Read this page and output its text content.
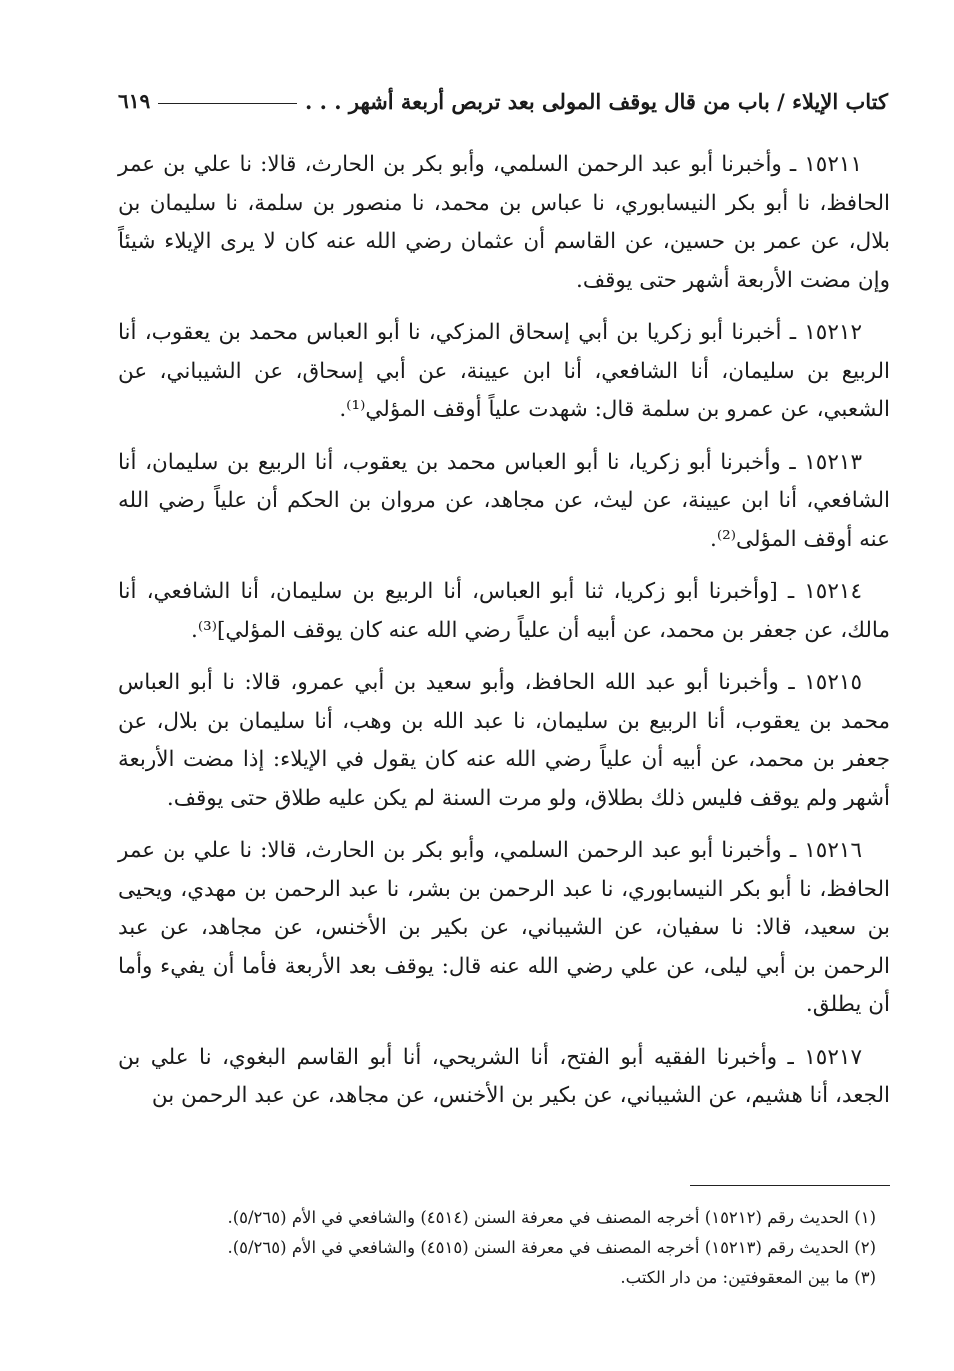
كتاب الإيلاء / باب من قال يوقف المولى بعد تربص أربعة أشهر . . .
٦١٩

١٥٢١١ ـ وأخبرنا أبو عبد الرحمن السلمي، وأبو بكر بن الحارث، قالا: نا علي بن عمر الحافظ، نا أبو بكر النيسابوري، نا عباس بن محمد، نا منصور بن سلمة، نا سليمان بن بلال، عن عمر بن حسين، عن القاسم أن عثمان رضي الله عنه كان لا يرى الإيلاء شيئاً وإن مضت الأربعة أشهر حتى يوقف.

١٥٢١٢ ـ أخبرنا أبو زكريا بن أبي إسحاق المزكي، نا أبو العباس محمد بن يعقوب، أنا الربيع بن سليمان، أنا الشافعي، أنا ابن عيينة، عن أبي إسحاق، عن الشيباني، عن الشعبي، عن عمرو بن سلمة قال: شهدت علياً أوقف المؤلي⁽¹⁾.

١٥٢١٣ ـ وأخبرنا أبو زكريا، نا أبو العباس محمد بن يعقوب، أنا الربيع بن سليمان، أنا الشافعي، أنا ابن عيينة، عن ليث، عن مجاهد، عن مروان بن الحكم أن علياً رضي الله عنه أوقف المؤلى⁽²⁾.

١٥٢١٤ ـ [وأخبرنا أبو زكريا، ثنا أبو العباس، أنا الربيع بن سليمان، أنا الشافعي، أنا مالك، عن جعفر بن محمد، عن أبيه أن علياً رضي الله عنه كان يوقف المؤلي]⁽³⁾.

١٥٢١٥ ـ وأخبرنا أبو عبد الله الحافظ، وأبو سعيد بن أبي عمرو، قالا: نا أبو العباس محمد بن يعقوب، أنا الربيع بن سليمان، نا عبد الله بن وهب، أنا سليمان بن بلال، عن جعفر بن محمد، عن أبيه أن علياً رضي الله عنه كان يقول في الإيلاء: إذا مضت الأربعة أشهر ولم يوقف فليس ذلك بطلاق، ولو مرت السنة لم يكن عليه طلاق حتى يوقف.

١٥٢١٦ ـ وأخبرنا أبو عبد الرحمن السلمي، وأبو بكر بن الحارث، قالا: نا علي بن عمر الحافظ، نا أبو بكر النيسابوري، نا عبد الرحمن بن بشر، نا عبد الرحمن بن مهدي، ويحيى بن سعيد، قالا: نا سفيان، عن الشيباني، عن بكير بن الأخنس، عن مجاهد، عن عبد الرحمن بن أبي ليلى، عن علي رضي الله عنه قال: يوقف بعد الأربعة فأما أن يفيء وأما أن يطلق.

١٥٢١٧ ـ وأخبرنا الفقيه أبو الفتح، أنا الشريحي، أنا أبو القاسم البغوي، نا علي بن الجعد، أنا هشيم، عن الشيباني، عن بكير بن الأخنس، عن مجاهد، عن عبد الرحمن بن

(١) الحديث رقم (١٥٢١٢) أخرجه المصنف في معرفة السنن (٤٥١٤) والشافعي في الأم (٥/٢٦٥).

(٢) الحديث رقم (١٥٢١٣) أخرجه المصنف في معرفة السنن (٤٥١٥) والشافعي في الأم (٥/٢٦٥).

(٣) ما بين المعقوفتين: من دار الكتب.
